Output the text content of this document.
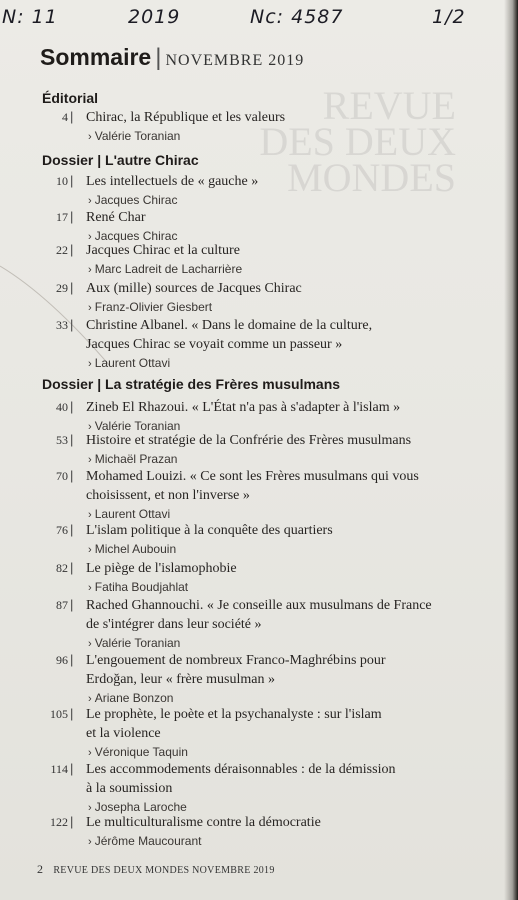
N: 11	2019	Nc: 4587	1/2
Sommaire | NOVEMBRE 2019
REVUE
DES DEUX
MONDES
Éditorial
Dossier | L'autre Chirac
Dossier | La stratégie des Frères musulmans
4 | Chirac, la République et les valeurs
› Valérie Toranian
10 | Les intellectuels de « gauche »
› Jacques Chirac
17 | René Char
› Jacques Chirac
22 | Jacques Chirac et la culture
› Marc Ladreit de Lacharrière
29 | Aux (mille) sources de Jacques Chirac
› Franz-Olivier Giesbert
33 | Christine Albanel. « Dans le domaine de la culture,
Jacques Chirac se voyait comme un passeur »
› Laurent Ottavi
40 | Zineb El Rhazoui. « L'État n'a pas à s'adapter à l'islam »
› Valérie Toranian
53 | Histoire et stratégie de la Confrérie des Frères musulmans
› Michaël Prazan
70 | Mohamed Louizi. « Ce sont les Frères musulmans qui vous
choisissent, et non l'inverse »
› Laurent Ottavi
76 | L'islam politique à la conquête des quartiers
› Michel Aubouin
82 | Le piège de l'islamophobie
› Fatiha Boudjahlat
87 | Rached Ghannouchi. « Je conseille aux musulmans de France
de s'intégrer dans leur société »
› Valérie Toranian
96 | L'engouement de nombreux Franco-Maghrébins pour
Erdoğan, leur « frère musulman »
› Ariane Bonzon
105 | Le prophète, le poète et la psychanalyste : sur l'islam
et la violence
› Véronique Taquin
114 | Les accommodements déraisonnables : de la démission
à la soumission
› Josepha Laroche
122 | Le multiculturalisme contre la démocratie
› Jérôme Maucourant
2 REVUE DES DEUX MONDES NOVEMBRE 2019
